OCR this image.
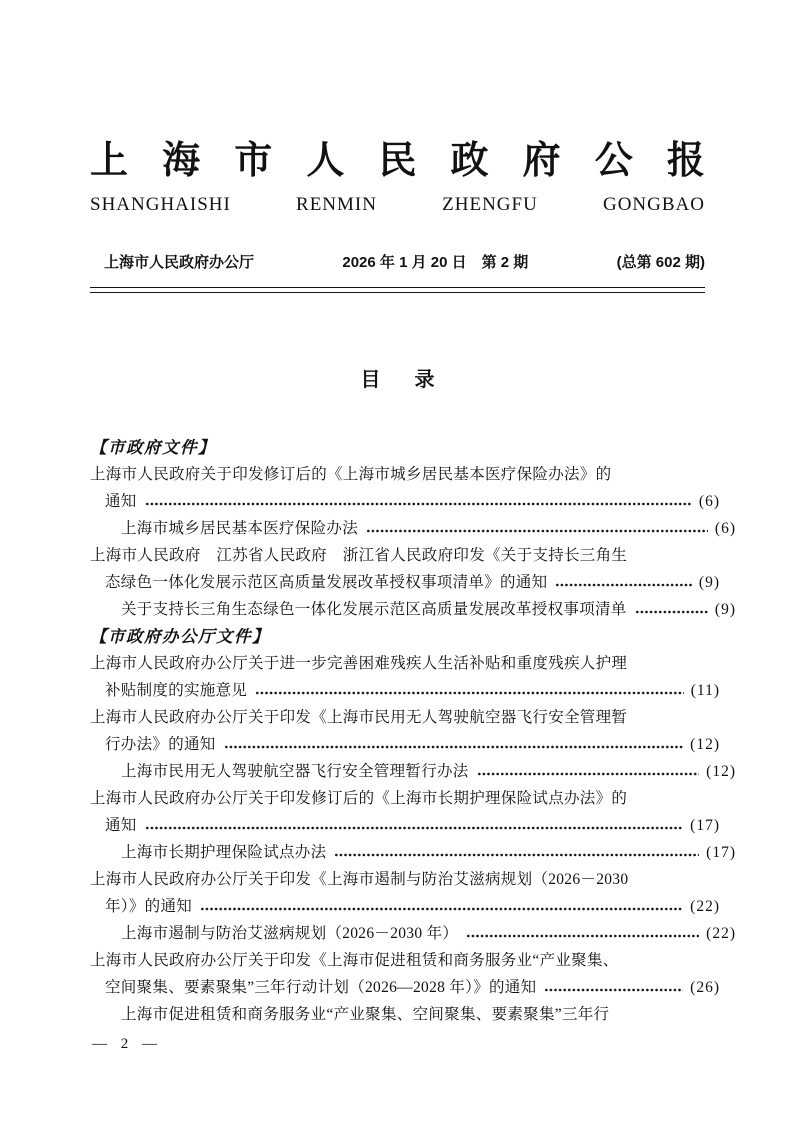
上 海 市 人 民 政 府 公 报
SHANGHAISHI	RENMIN	ZHENGFU	GONGBAO
上海市人民政府办公厅	2026 年 1 月 20 日　第 2 期	(总第 602 期)
目 录
【市政府文件】
上海市人民政府关于印发修订后的《上海市城乡居民基本医疗保险办法》的
通知	(6)
上海市城乡居民基本医疗保险办法	(6)
上海市人民政府　江苏省人民政府　浙江省人民政府印发《关于支持长三角生
态绿色一体化发展示范区高质量发展改革授权事项清单》的通知	(9)
关于支持长三角生态绿色一体化发展示范区高质量发展改革授权事项清单	(9)
【市政府办公厅文件】
上海市人民政府办公厅关于进一步完善困难残疾人生活补贴和重度残疾人护理
补贴制度的实施意见	(11)
上海市人民政府办公厅关于印发《上海市民用无人驾驶航空器飞行安全管理暂
行办法》的通知	(12)
上海市民用无人驾驶航空器飞行安全管理暂行办法	(12)
上海市人民政府办公厅关于印发修订后的《上海市长期护理保险试点办法》的
通知	(17)
上海市长期护理保险试点办法	(17)
上海市人民政府办公厅关于印发《上海市遏制与防治艾滋病规划（2026－2030
年）》的通知	(22)
上海市遏制与防治艾滋病规划（2026－2030 年）	(22)
上海市人民政府办公厅关于印发《上海市促进租赁和商务服务业“产业聚集、
空间聚集、要素聚集”三年行动计划（2026—2028 年）》的通知	(26)
上海市促进租赁和商务服务业“产业聚集、空间聚集、要素聚集”三年行
— 2 —
